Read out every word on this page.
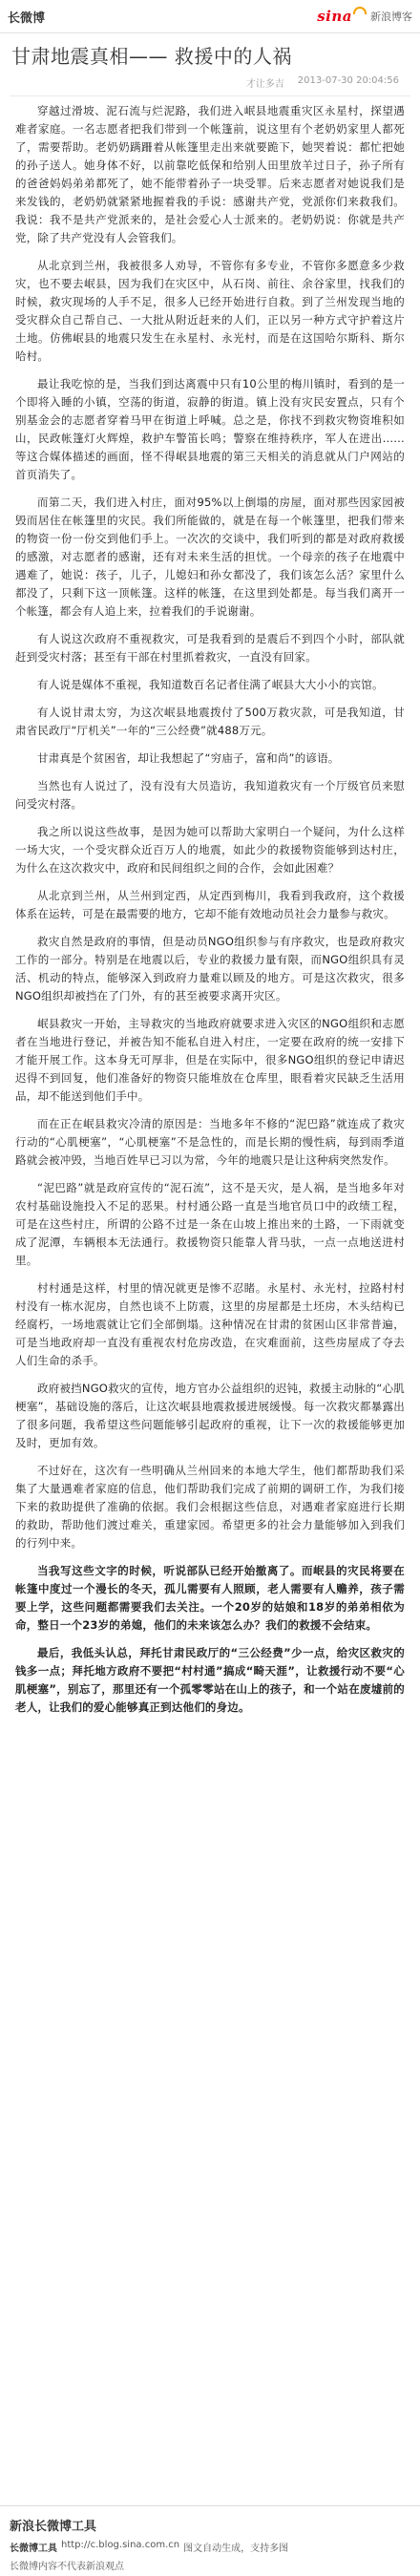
长微博	sina 新浪博客
甘肃地震真相—— 救援中的人祸
才让多吉 2013-07-30 20:04:56

穿越过滑坡、泥石流与烂泥路，我们进入岷县地震重灾区永星村，探望遇难者家庭。一名志愿者把我们带到一个帐篷前，说这里有个老奶奶家里人都死了，需要帮助。老奶奶蹒跚着从帐篷里走出来就要跪下，她哭着说：都忙把她的孙子送人。她身体不好，以前靠吃低保和给别人田里放羊过日子，孙子所有的爸爸妈妈弟弟都死了，她不能带着孙子一块受罪。后来志愿者对她说我们是来发钱的，老奶奶就紧紧地握着我的手说：感谢共产党，党派你们来救我们。我说：我不是共产党派来的，是社会爱心人士派来的。老奶奶说：你就是共产党，除了共产党没有人会管我们。

从北京到兰州，我被很多人劝导，不管你有多专业，不管你多愿意多少救灾，也不要去岷县，因为我们在灾区中，从石岗、前往、余谷家里，找我们的时候，救灾现场的人手不足，很多人已经开始进行自救。到了兰州发现当地的受灾群众自己帮自己、一大批从附近赶来的人们，正以另一种方式守护着这片土地。仿佛岷县的地震只发生在永星村、永光村，而是在这国哈尔斯科、斯尔哈村。

最让我吃惊的是，当我们到达离震中只有10公里的梅川镇时，看到的是一个即将入睡的小镇，空荡的街道，寂静的街道。镇上没有灾民安置点，只有个别基金会的志愿者穿着马甲在街道上呼喊。总之是，你找不到救灾物资堆积如山，民政帐篷灯火辉煌，救护车警笛长鸣；警察在维持秩序，军人在进出……等这合媒体描述的画面，怪不得岷县地震的第三天相关的消息就从门户网站的首页消失了。

而第二天，我们进入村庄，面对95%以上倒塌的房屋，面对那些因家园被毁而居住在帐篷里的灾民。我们所能做的，就是在每一个帐篷里，把我们带来的物资一份一份交到他们手上。一次次的交谈中，我们听到的都是对政府救援的感激，对志愿者的感谢，还有对未来生活的担忧。一个母亲的孩子在地震中遇难了，她说：孩子，儿子，儿媳妇和孙女都没了，我们该怎么活？家里什么都没了，只剩下这一顶帐篷。这样的帐篷，在这里到处都是。每当我们离开一个帐篷，都会有人追上来，拉着我们的手说谢谢。

有人说这次政府不重视救灾，可是我看到的是震后不到四个小时，部队就赶到受灾村落；甚至有干部在村里抓着救灾，一直没有回家。

有人说是媒体不重视，我知道数百名记者住满了岷县大大小小的宾馆。

有人说甘肃太穷，为这次岷县地震拨付了500万救灾款，可是我知道，甘肃省民政厅“厅机关”一年的“三公经费”就488万元。

甘肃真是个贫困省，却让我想起了“穷庙子，富和尚”的谚语。

当然也有人说过了，没有没有大员造访，我知道救灾有一个厅级官员来慰问受灾村落。

我之所以说这些故事，是因为她可以帮助大家明白一个疑问，为什么这样一场大灾，一个受灾群众近百万人的地震，如此少的救援物资能够到达村庄，为什么在这次救灾中，政府和民间组织之间的合作，会如此困难？

从北京到兰州，从兰州到定西，从定西到梅川，我看到我政府，这个救援体系在运转，可是在最需要的地方，它却不能有效地动员社会力量参与救灾。

救灾自然是政府的事情，但是动员NGO组织参与有序救灾，也是政府救灾工作的一部分。特别是在地震以后，专业的救援力量有限，而NGO组织具有灵活、机动的特点，能够深入到政府力量难以顾及的地方。可是这次救灾，很多NGO组织却被挡在了门外，有的甚至被要求离开灾区。

岷县救灾一开始，主导救灾的当地政府就要求进入灾区的NGO组织和志愿者在当地进行登记，并被告知不能私自进入村庄，一定要在政府的统一安排下才能开展工作。这本身无可厚非，但是在实际中，很多NGO组织的登记申请迟迟得不到回复，他们准备好的物资只能堆放在仓库里，眼看着灾民缺乏生活用品，却不能送到他们手中。

而在正在岷县救灾冷清的原因是：当地多年不修的“泥巴路”就连成了救灾行动的“心肌梗塞”，“心肌梗塞”不是急性的，而是长期的慢性病，每到雨季道路就会被冲毁，当地百姓早已习以为常，今年的地震只是让这种病突然发作。

“泥巴路”就是政府宣传的“泥石流”，这不是天灾，是人祸，是当地多年对农村基础设施投入不足的恶果。村村通公路一直是当地官员口中的政绩工程，可是在这些村庄，所谓的公路不过是一条在山坡上推出来的土路，一下雨就变成了泥潭，车辆根本无法通行。救援物资只能靠人背马驮，一点一点地送进村里。

村村通是这样，村里的情况就更是惨不忍睹。永星村、永光村，拉路村村村没有一栋水泥房，自然也谈不上防震，这里的房屋都是土坯房，木头结构已经腐朽，一场地震就让它们全部倒塌。这种情况在甘肃的贫困山区非常普遍，可是当地政府却一直没有重视农村危房改造，在灾难面前，这些房屋成了夺去人们生命的杀手。

政府被挡NGO救灾的宣传，地方官办公益组织的迟钝，救援主动脉的“心肌梗塞”，基础设施的落后，让这次岷县地震救援进展缓慢。每一次救灾都暴露出了很多问题，我希望这些问题能够引起政府的重视，让下一次的救援能够更加及时，更加有效。

不过好在，这次有一些明确从兰州回来的本地大学生，他们都帮助我们采集了大量遇难者家庭的信息，他们帮助我们完成了前期的调研工作，为我们接下来的救助提供了准确的依据。我们会根据这些信息，对遇难者家庭进行长期的救助，帮助他们渡过难关，重建家园。希望更多的社会力量能够加入到我们的行列中来。

当我写这些文字的时候，听说部队已经开始撤离了。而岷县的灾民将要在帐篷中度过一个漫长的冬天，孤儿需要有人照顾，老人需要有人赡养，孩子需要上学，这些问题都需要我们去关注。一个20岁的姑娘和18岁的弟弟相依为命，整日一个23岁的弟媳，他们的未来该怎么办？我们的救援不会结束。

最后，我低头认总，拜托甘肃民政厅的“三公经费”少一点，给灾区救灾的钱多一点；拜托地方政府不要把“村村通”搞成“畸天涯”，让救援行动不要“心肌梗塞”，别忘了，那里还有一个孤零零站在山上的孩子，和一个站在废墟前的老人，让我们的爱心能够真正到达他们的身边。

新浪长微博工具
长微博工具 http://c.blog.sina.com.cn 图文自动生成，支持多图
长微博内容不代表新浪观点
